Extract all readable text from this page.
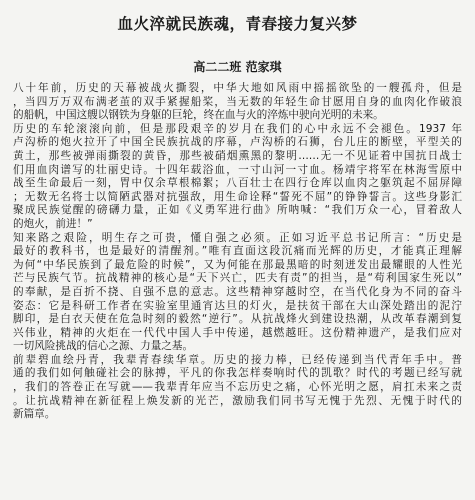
血火淬就民族魂，青春接力复兴梦
高二二班 范家琪
八十年前，历史的天幕被战火撕裂，中华大地如风雨中摇摇欲坠的一艘孤舟，但是
，当四万万双布满老茧的双手紧握船桨，当无数的年轻生命甘愿用自身的血肉化作破浪
的船帆，中国这艘以钢铁为身躯的巨轮，终在血与火的淬炼中驶向光明的未来。
历史的车轮滚滚向前，但是那段艰辛的岁月在我们的心中永远不会褪色。1937 年
卢沟桥的炮火拉开了中国全民族抗战的序幕，卢沟桥的石狮，台儿庄的断壁，平型关的
黄土，那些被弹雨撕裂的黄昏，那些被硝烟熏黑的黎明……无一不见证着中国抗日战士
们用血肉谱写的壮丽史诗。十四年载浴血，一寸山河一寸血。杨靖宇将军在林海雪原中
战至生命最后一刻，胃中仅余草根棉絮；八百壮士在四行仓库以血肉之躯筑起不屈屏障
；无数无名将士以简陋武器对抗强敌，用生命诠释“誓死不屈”的铮铮誓言。这些身影汇
聚成民族觉醒的磅礴力量，正如《义勇军进行曲》所呐喊：“我们万众一心，冒着敌人
的炮火，前进！”
知来路之艰险，明生存之可贵，懂自强之必须。正如习近平总书记所言：“历史是
最好的教科书，也是最好的清醒剂。”唯有直面这段沉痛而光辉的历史，才能真正理解
为何“中华民族到了最危险的时候”，又为何能在那最黑暗的时刻迸发出最耀眼的人性光
芒与民族气节。抗战精神的核心是“天下兴亡，匹夫有责”的担当，是“苟利国家生死以”
的奉献，是百折不挠、自强不息的意志。这些精神穿越时空，在当代化身为不同的奋斗
姿态：它是科研工作者在实验室里通宵达旦的灯火，是扶贫干部在大山深处踏出的泥泞
脚印，是白衣天使在危急时刻的毅然“逆行”。从抗战烽火到建设热潮，从改革春潮到复
兴伟业，精神的火炬在一代代中国人手中传递，越燃越旺。这份精神遗产，是我们应对
一切风险挑战的信心之源、力量之基。
前辈碧血绘丹青，我辈青春续华章。历史的接力棒，已经传递到当代青年手中。普
通的我们如何触碰社会的脉搏，平凡的你我怎样奏响时代的凯歌？时代的考题已经写就
，我们的答卷正在写就——我辈青年应当不忘历史之痛，心怀光明之愿，肩扛未来之责
。让抗战精神在新征程上焕发新的光芒，激励我们同书写无愧于先烈、无愧于时代的
新篇章。
